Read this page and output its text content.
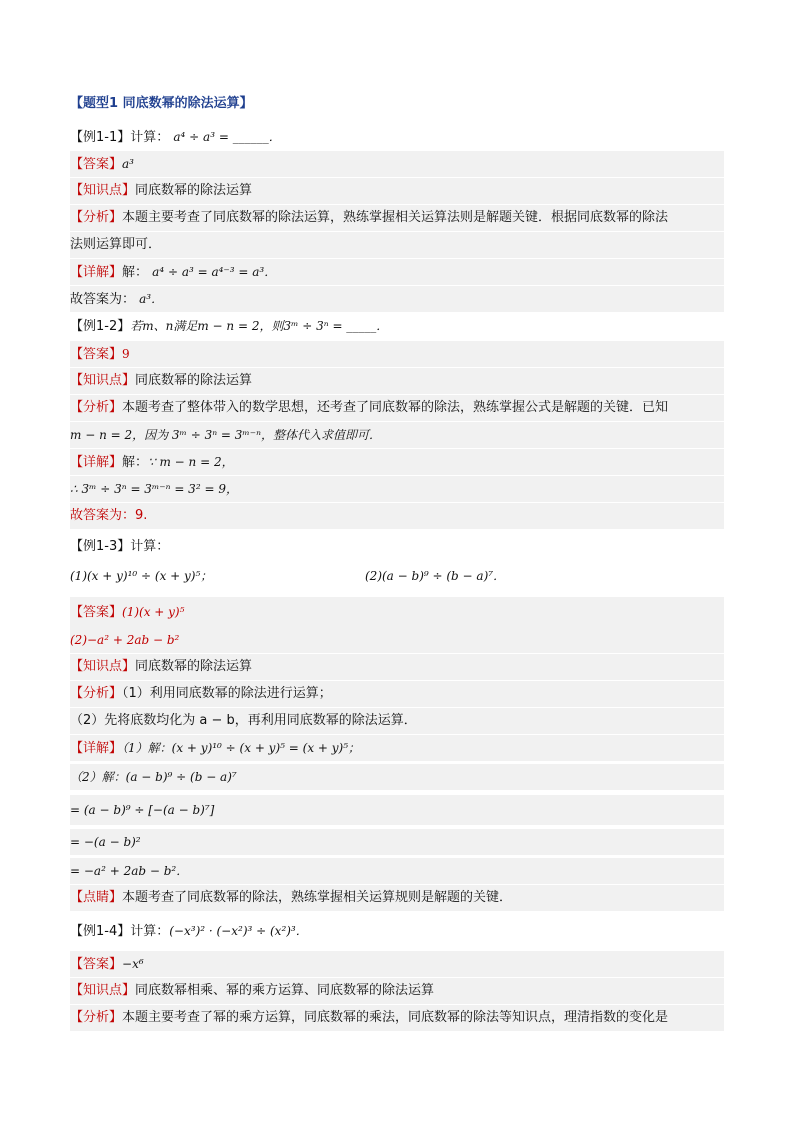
【题型1 同底数幂的除法运算】
【例1-1】计算： a⁴ ÷ a³ = ______．
【答案】a³
【知识点】同底数幂的除法运算
【分析】本题主要考查了同底数幂的除法运算，熟练掌握相关运算法则是解题关键．根据同底数幂的除法
法则运算即可．
【详解】解： a⁴ ÷ a³ = a⁴⁻³ = a³．
故答案为： a³．
【例1-2】若m、n满足m − n = 2，则3ᵐ ÷ 3ⁿ = _____．
【答案】9
【知识点】同底数幂的除法运算
【分析】本题考查了整体带入的数学思想，还考查了同底数幂的除法，熟练掌握公式是解题的关键．已知
m − n = 2，因为 3ᵐ ÷ 3ⁿ = 3ᵐ⁻ⁿ，整体代入求值即可．
【详解】解：∵ m − n = 2，
∴ 3ᵐ ÷ 3ⁿ = 3ᵐ⁻ⁿ = 3² = 9，
故答案为：9.
【例1-3】计算：
(1)(x + y)¹⁰ ÷ (x + y)⁵；	(2)(a − b)⁹ ÷ (b − a)⁷．
【答案】(1)(x + y)⁵
(2)−a² + 2ab − b²
【知识点】同底数幂的除法运算
【分析】（1）利用同底数幂的除法进行运算；
（2）先将底数均化为 a − b，再利用同底数幂的除法运算．
【详解】（1）解：(x + y)¹⁰ ÷ (x + y)⁵ = (x + y)⁵；
（2）解：(a − b)⁹ ÷ (b − a)⁷
= (a − b)⁹ ÷ [−(a − b)⁷]
= −(a − b)²
= −a² + 2ab − b²．
【点睛】本题考查了同底数幂的除法，熟练掌握相关运算规则是解题的关键．
【例1-4】计算：(−x³)² · (−x²)³ ÷ (x²)³．
【答案】−x⁶
【知识点】同底数幂相乘、幂的乘方运算、同底数幂的除法运算
【分析】本题主要考查了幂的乘方运算，同底数幂的乘法，同底数幂的除法等知识点，理清指数的变化是
